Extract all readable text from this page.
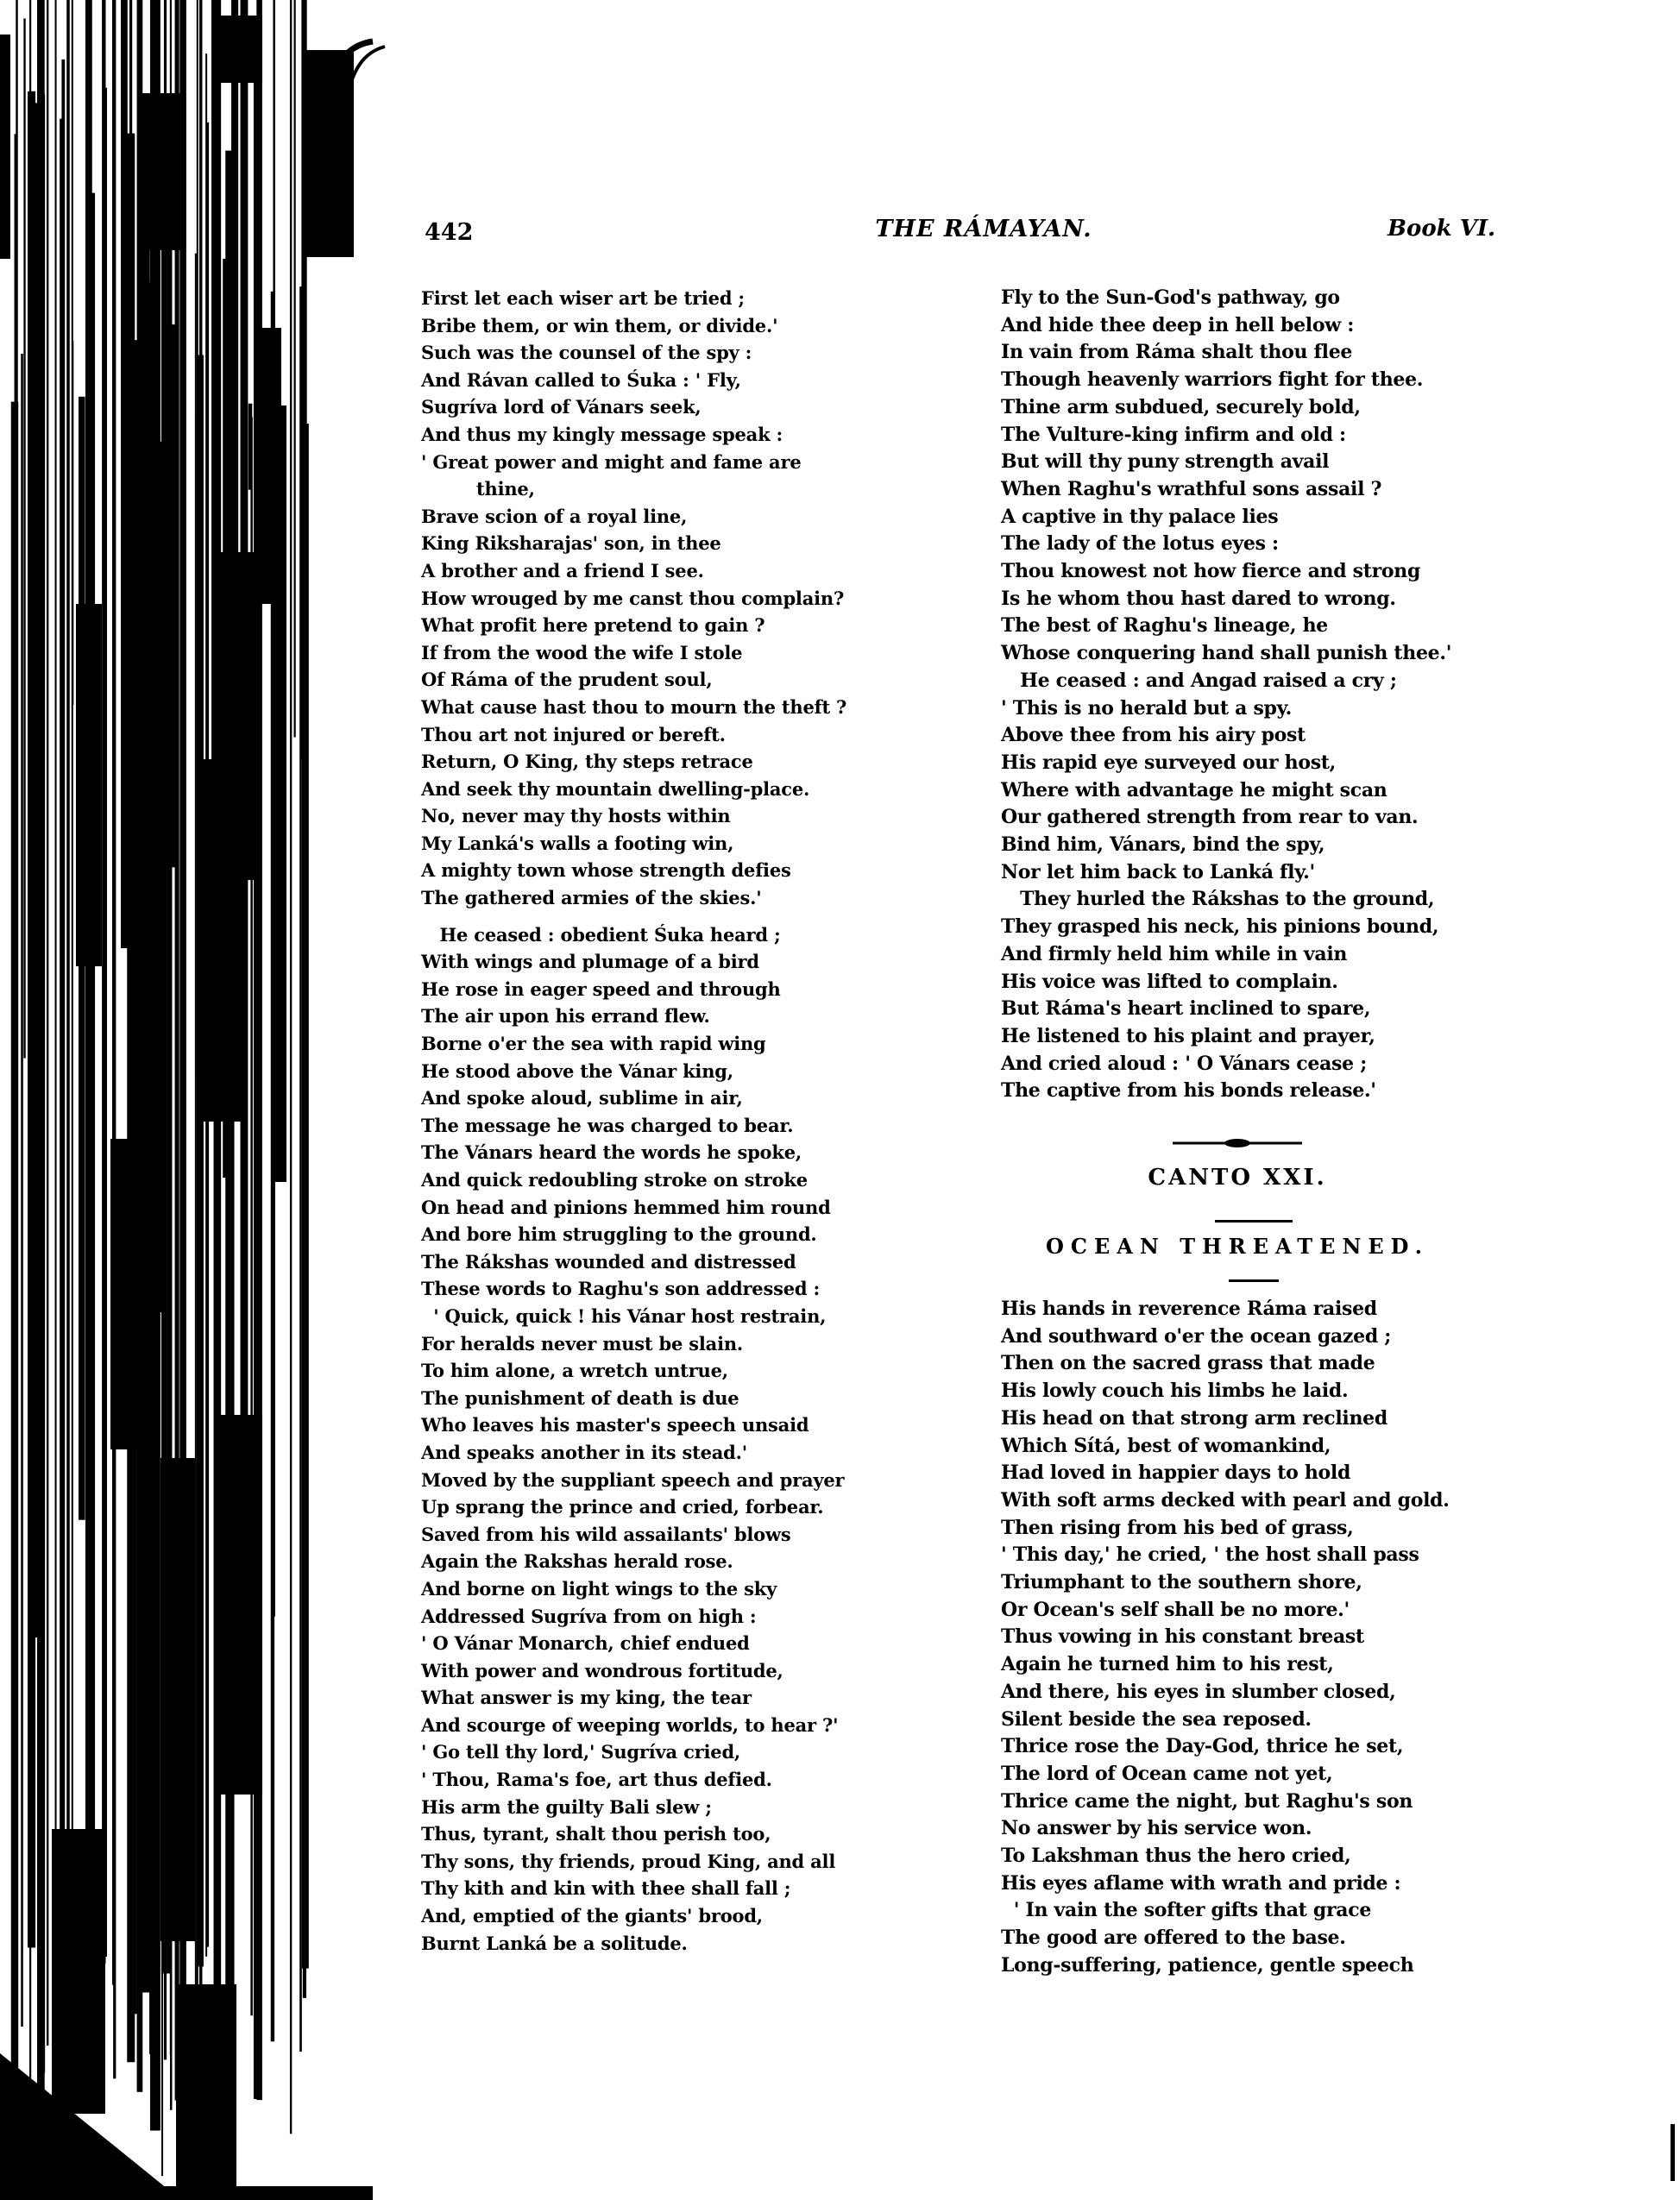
442	THE RÁMAYAN.	Book VI.
First let each wiser art be tried ;
Bribe them, or win them, or divide.'
Such was the counsel of the spy :
And Rávan called to Śuka : ' Fly,
Sugríva lord of Vánars seek,
And thus my kingly message speak :
' Great power and might and fame are
thine,
Brave scion of a royal line,
King Riksharajas' son, in thee
A brother and a friend I see.
How wrouged by me canst thou complain?
What profit here pretend to gain ?
If from the wood the wife I stole
Of Ráma of the prudent soul,
What cause hast thou to mourn the theft ?
Thou art not injured or bereft.
Return, O King, thy steps retrace
And seek thy mountain dwelling-place.
No, never may thy hosts within
My Lanká's walls a footing win,
A mighty town whose strength defies
The gathered armies of the skies.'
He ceased : obedient Śuka heard ;
With wings and plumage of a bird
He rose in eager speed and through
The air upon his errand flew.
Borne o'er the sea with rapid wing
He stood above the Vánar king,
And spoke aloud, sublime in air,
The message he was charged to bear.
The Vánars heard the words he spoke,
And quick redoubling stroke on stroke
On head and pinions hemmed him round
And bore him struggling to the ground.
The Rákshas wounded and distressed
These words to Raghu's son addressed :
' Quick, quick ! his Vánar host restrain,
For heralds never must be slain.
To him alone, a wretch untrue,
The punishment of death is due
Who leaves his master's speech unsaid
And speaks another in its stead.'
Moved by the suppliant speech and prayer
Up sprang the prince and cried, forbear.
Saved from his wild assailants' blows
Again the Rakshas herald rose.
And borne on light wings to the sky
Addressed Sugríva from on high :
' O Vánar Monarch, chief endued
With power and wondrous fortitude,
What answer is my king, the tear
And scourge of weeping worlds, to hear ?'
' Go tell thy lord,' Sugríva cried,
' Thou, Rama's foe, art thus defied.
His arm the guilty Bali slew ;
Thus, tyrant, shalt thou perish too,
Thy sons, thy friends, proud King, and all
Thy kith and kin with thee shall fall ;
And, emptied of the giants' brood,
Burnt Lanká be a solitude.
Fly to the Sun-God's pathway, go
And hide thee deep in hell below :
In vain from Ráma shalt thou flee
Though heavenly warriors fight for thee.
Thine arm subdued, securely bold,
The Vulture-king infirm and old :
But will thy puny strength avail
When Raghu's wrathful sons assail ?
A captive in thy palace lies
The lady of the lotus eyes :
Thou knowest not how fierce and strong
Is he whom thou hast dared to wrong.
The best of Raghu's lineage, he
Whose conquering hand shall punish thee.'
He ceased : and Angad raised a cry ;
' This is no herald but a spy.
Above thee from his airy post
His rapid eye surveyed our host,
Where with advantage he might scan
Our gathered strength from rear to van.
Bind him, Vánars, bind the spy,
Nor let him back to Lanká fly.'
They hurled the Rákshas to the ground,
They grasped his neck, his pinions bound,
And firmly held him while in vain
His voice was lifted to complain.
But Ráma's heart inclined to spare,
He listened to his plaint and prayer,
And cried aloud : ' O Vánars cease ;
The captive from his bonds release.'
CANTO XXI.
OCEAN THREATENED.
His hands in reverence Ráma raised
And southward o'er the ocean gazed ;
Then on the sacred grass that made
His lowly couch his limbs he laid.
His head on that strong arm reclined
Which Sítá, best of womankind,
Had loved in happier days to hold
With soft arms decked with pearl and gold.
Then rising from his bed of grass,
' This day,' he cried, ' the host shall pass
Triumphant to the southern shore,
Or Ocean's self shall be no more.'
Thus vowing in his constant breast
Again he turned him to his rest,
And there, his eyes in slumber closed,
Silent beside the sea reposed.
Thrice rose the Day-God, thrice he set,
The lord of Ocean came not yet,
Thrice came the night, but Raghu's son
No answer by his service won.
To Lakshman thus the hero cried,
His eyes aflame with wrath and pride :
' In vain the softer gifts that grace
The good are offered to the base.
Long-suffering, patience, gentle speech
